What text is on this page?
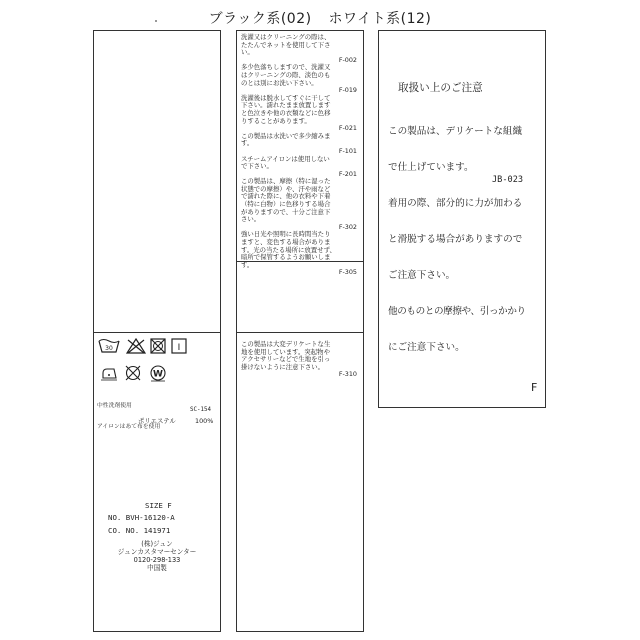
ブラック系(02) ホワイト系(12)
30	I
W

中性洗剤使用

アイロンはあて布を使用

SC-154
ポリエステル	100%
SIZE F
NO. BVH-16120-A
CO. NO. 141971
(株)ジュン
ジュンカスタマーセンター
0120-298-133
中国製
洗濯又はクリーニングの際は、
たたんでネットを使用して下さ
い。
F-002
多少色落ちしますので、洗濯又
はクリーニングの際、淡色のも
のとは別にお洗い下さい。
F-019
洗濯後は脱水してすぐに干して
下さい。濡れたまま放置します
と色泣きや他の衣類などに色移
りすることがあります。
F-021
この製品は水洗いで多少縮みま
す。
F-101
スチームアイロンは使用しない
で下さい。
F-201
この製品は、摩擦（特に湿った
状態での摩擦）や、汗や雨など
で濡れた際に、他の衣料や下着
（特に白物）に色移りする場合
がありますので、十分ご注意下
さい。
F-302
強い日光や照明に長時間当たり
ますと、変色する場合がありま
す。光の当たる場所に放置せず、
暗所で保管するようお願いしま
す。
F-305
この製品は大変デリケートな生
地を使用しています。突起物や
アクセサリーなどで生地を引っ
掛けないように注意下さい。
F-310
取扱い上のご注意

この製品は、デリケートな組織

で仕上げています。

着用の際、部分的に力が加わる

と滑脱する場合がありますので

ご注意下さい。

他のものとの摩擦や、引っかかり

にご注意下さい。

JB-023
F
